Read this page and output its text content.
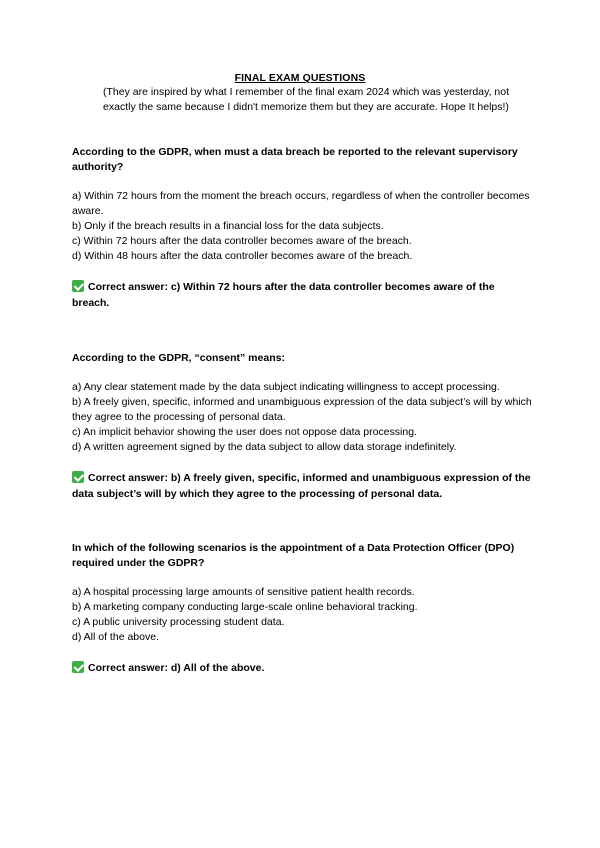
FINAL EXAM QUESTIONS
(They are inspired by what I remember of the final exam 2024 which was yesterday, not exactly the same because I didn't memorize them but they are accurate. Hope It helps!)

According to the GDPR, when must a data breach be reported to the relevant supervisory authority?

a) Within 72 hours from the moment the breach occurs, regardless of when the controller becomes aware.
b) Only if the breach results in a financial loss for the data subjects.
c) Within 72 hours after the data controller becomes aware of the breach.
d) Within 48 hours after the data controller becomes aware of the breach.

Correct answer: c) Within 72 hours after the data controller becomes aware of the breach.

According to the GDPR, “consent” means:

a) Any clear statement made by the data subject indicating willingness to accept processing.
b) A freely given, specific, informed and unambiguous expression of the data subject’s will by which they agree to the processing of personal data.
c) An implicit behavior showing the user does not oppose data processing.
d) A written agreement signed by the data subject to allow data storage indefinitely.

Correct answer: b) A freely given, specific, informed and unambiguous expression of the data subject’s will by which they agree to the processing of personal data.

In which of the following scenarios is the appointment of a Data Protection Officer (DPO) required under the GDPR?

a) A hospital processing large amounts of sensitive patient health records.
b) A marketing company conducting large-scale online behavioral tracking.
c) A public university processing student data.
d) All of the above.

Correct answer: d) All of the above.
